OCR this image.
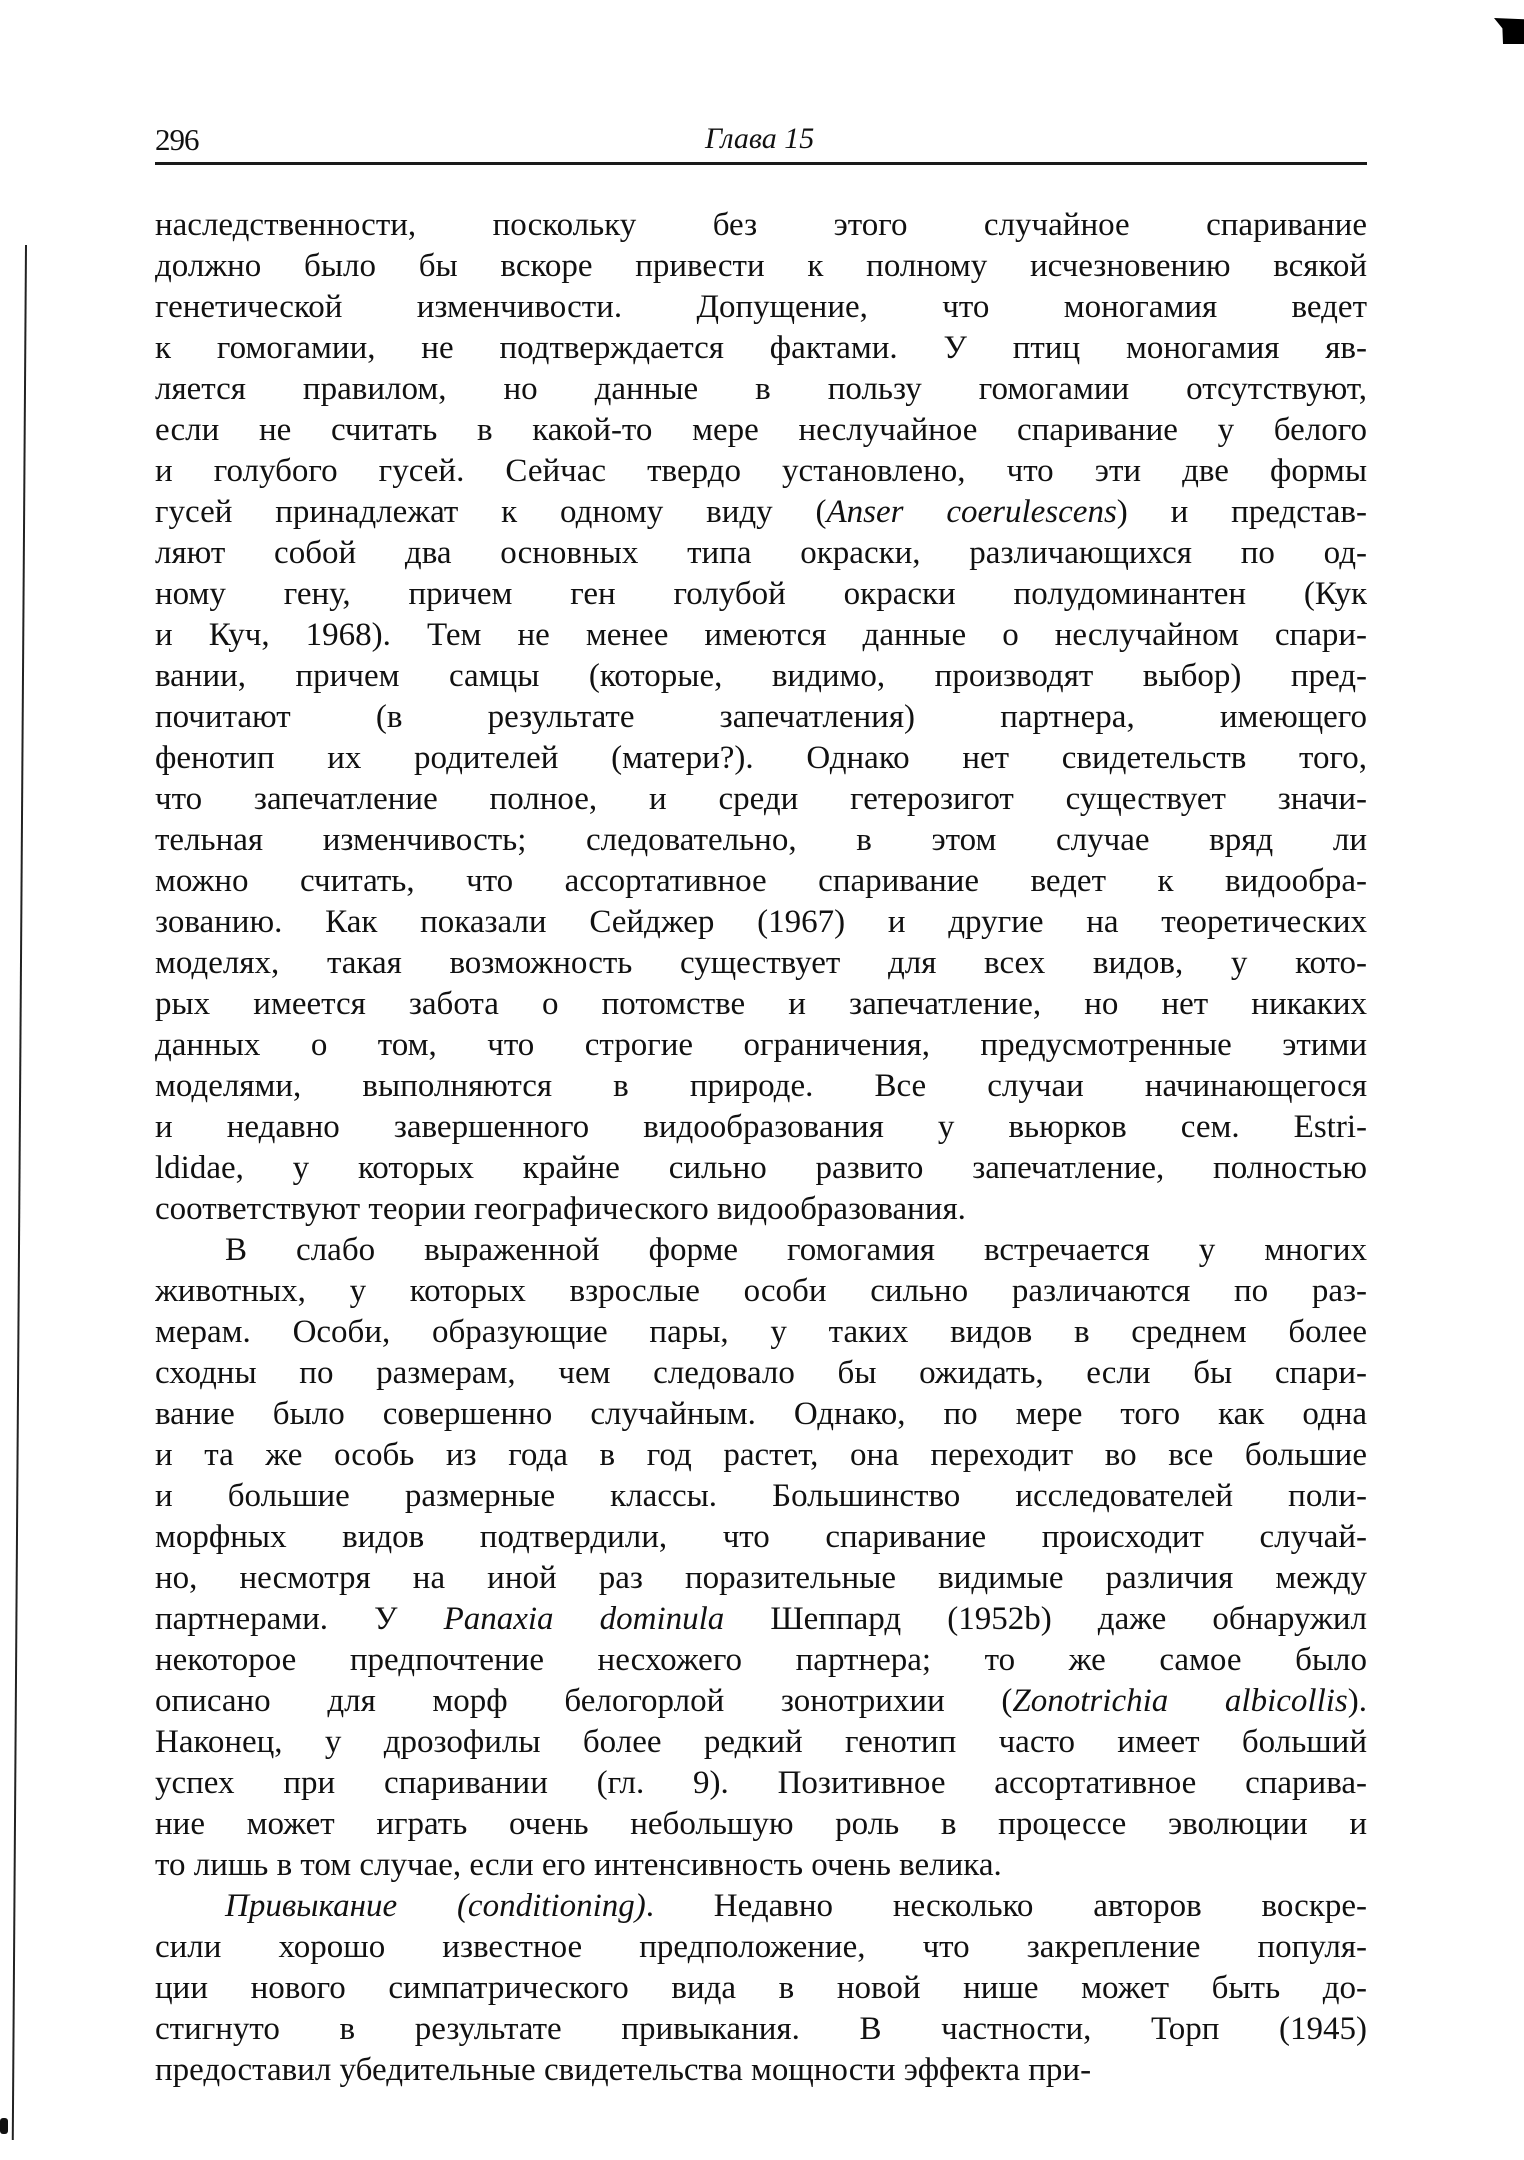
296	Глава 15
наследственности, поскольку без этого случайное спаривание
должно было бы вскоре привести к полному исчезновению всякой
генетической изменчивости. Допущение, что моногамия ведет
к гомогамии, не подтверждается фактами. У птиц моногамия яв-
ляется правилом, но данные в пользу гомогамии отсутствуют,
если не считать в какой-то мере неслучайное спаривание у белого
и голубого гусей. Сейчас твердо установлено, что эти две формы
гусей принадлежат к одному виду (Anser coerulescens) и представ-
ляют собой два основных типа окраски, различающихся по од-
ному гену, причем ген голубой окраски полудоминантен (Кук
и Куч, 1968). Тем не менее имеются данные о неслучайном спари-
вании, причем самцы (которые, видимо, производят выбор) пред-
почитают (в результате запечатления) партнера, имеющего
фенотип их родителей (матери?). Однако нет свидетельств того,
что запечатление полное, и среди гетерозигот существует значи-
тельная изменчивость; следовательно, в этом случае вряд ли
можно считать, что ассортативное спаривание ведет к видообра-
зованию. Как показали Сейджер (1967) и другие на теоретических
моделях, такая возможность существует для всех видов, у кото-
рых имеется забота о потомстве и запечатление, но нет никаких
данных о том, что строгие ограничения, предусмотренные этими
моделями, выполняются в природе. Все случаи начинающегося
и недавно завершенного видообразования у вьюрков сем. Estri-
ldidae, у которых крайне сильно развито запечатление, полностью
соответствуют теории географического видообразования.
В слабо выраженной форме гомогамия встречается у многих
животных, у которых взрослые особи сильно различаются по раз-
мерам. Особи, образующие пары, у таких видов в среднем более
сходны по размерам, чем следовало бы ожидать, если бы спари-
вание было совершенно случайным. Однако, по мере того как одна
и та же особь из года в год растет, она переходит во все большие
и большие размерные классы. Большинство исследователей поли-
морфных видов подтвердили, что спаривание происходит случай-
но, несмотря на иной раз поразительные видимые различия между
партнерами. У Panaxia dominula Шеппард (1952b) даже обнаружил
некоторое предпочтение несхожего партнера; то же самое было
описано для морф белогорлой зонотрихии (Zonotrichia albicollis).
Наконец, у дрозофилы более редкий генотип часто имеет больший
успех при спаривании (гл. 9). Позитивное ассортативное спарива-
ние может играть очень небольшую роль в процессе эволюции и
то лишь в том случае, если его интенсивность очень велика.
Привыкание (conditioning). Недавно несколько авторов воскре-
сили хорошо известное предположение, что закрепление популя-
ции нового симпатрического вида в новой нише может быть до-
стигнуто в результате привыкания. В частности, Торп (1945)
предоставил убедительные свидетельства мощности эффекта при-
